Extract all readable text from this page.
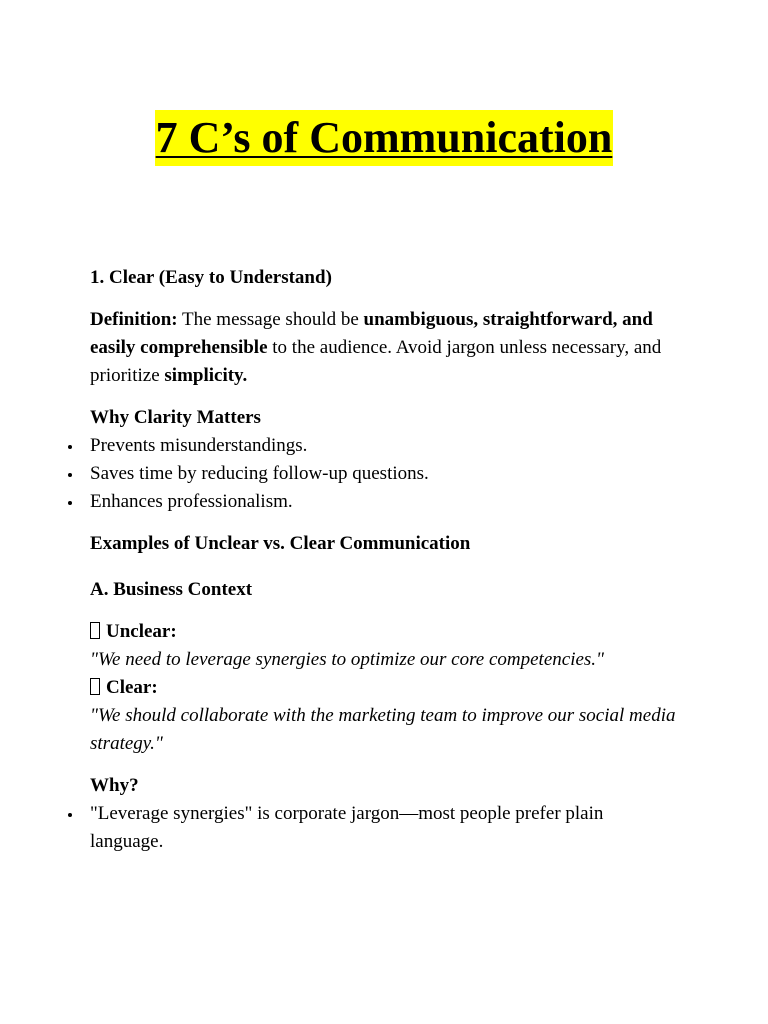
7 C’s of Communication

1. Clear (Easy to Understand)

Definition: The message should be unambiguous, straightforward, and easily comprehensible to the audience. Avoid jargon unless necessary, and prioritize simplicity.

Why Clarity Matters

Prevents misunderstandings.
Saves time by reducing follow-up questions.
Enhances professionalism.

Examples of Unclear vs. Clear Communication

A. Business Context

Unclear:

"We need to leverage synergies to optimize our core competencies."

Clear:

"We should collaborate with the marketing team to improve our social media strategy."

Why?

"Leverage synergies" is corporate jargon—most people prefer plain language.
